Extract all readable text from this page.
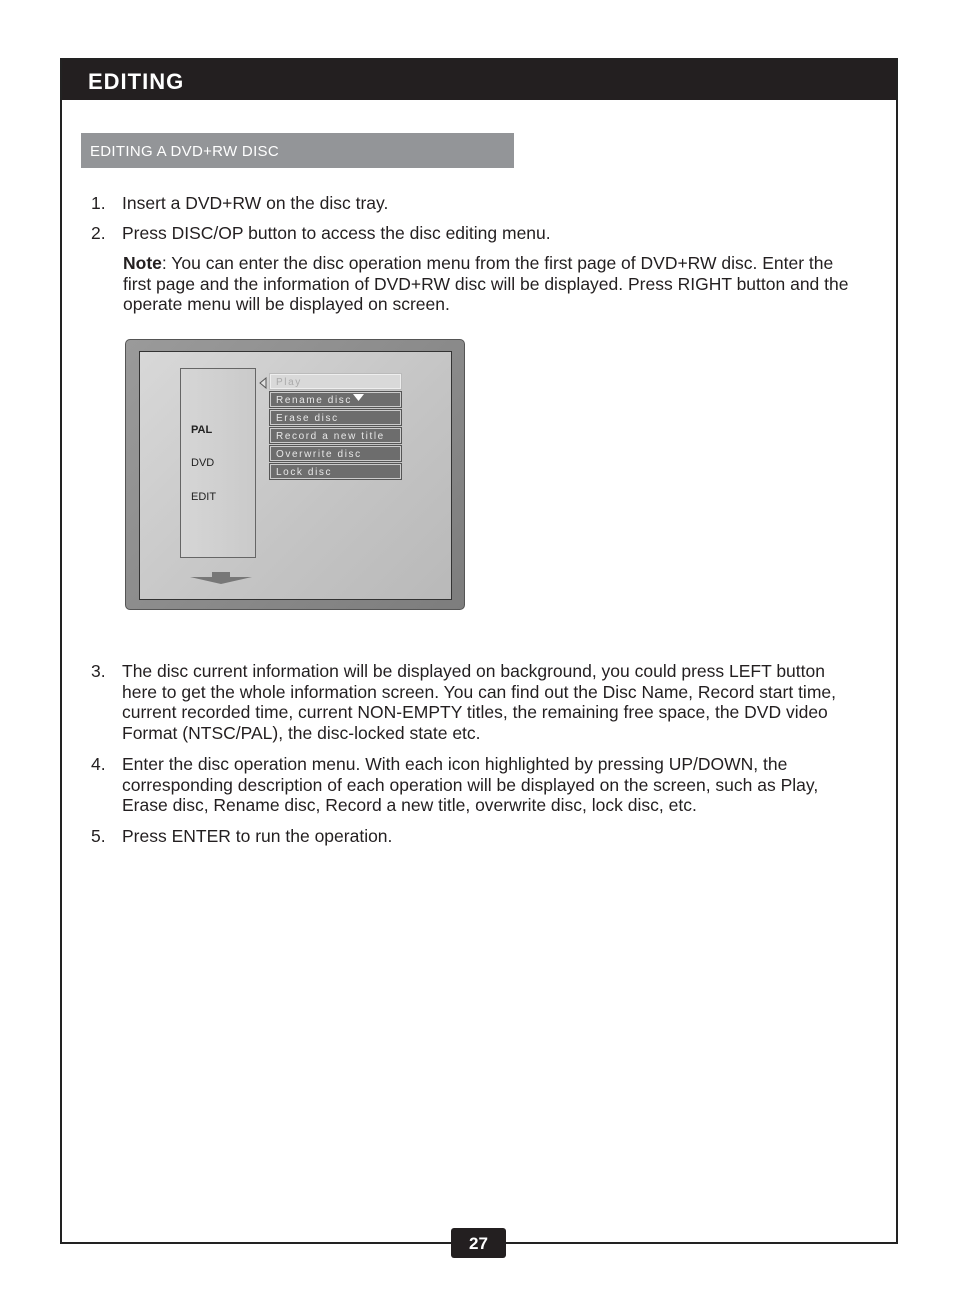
EDITING
EDITING A DVD+RW DISC
1. Insert a DVD+RW on the disc tray.
2. Press DISC/OP button to access the disc editing menu.
Note: You can enter the disc operation menu from the first page of DVD+RW disc. Enter the first page and the information of DVD+RW disc will be displayed. Press RIGHT button and the operate menu will be displayed on screen.
PAL
DVD
EDIT
Play
Rename disc
Erase disc
Record a new title
Overwrite disc
Lock disc
3. The disc current information will be displayed on background, you could press LEFT button here to get the whole information screen. You can find out the Disc Name, Record start time, current recorded time, current NON-EMPTY titles, the remaining free space, the DVD video Format (NTSC/PAL), the disc-locked state etc.
4. Enter the disc operation menu. With each icon highlighted by pressing UP/DOWN, the corresponding description of each operation will be displayed on the screen, such as Play, Erase disc, Rename disc, Record a new title, overwrite disc, lock disc, etc.
5. Press ENTER to run the operation.
27
